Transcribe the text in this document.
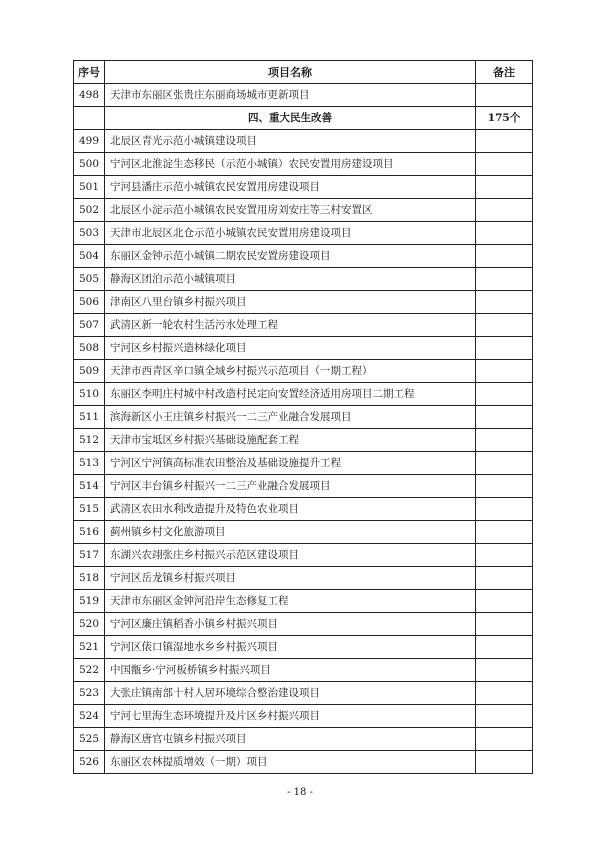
序号	项目名称	备注
498	天津市东丽区张贵庄东丽商场城市更新项目	
	四、重大民生改善	175个
499	北辰区青光示范小城镇建设项目	
500	宁河区北淮淀生态移民（示范小城镇）农民安置用房建设项目	
501	宁河县潘庄示范小城镇农民安置用房建设项目	
502	北辰区小淀示范小城镇农民安置用房刘安庄等三村安置区	
503	天津市北辰区北仓示范小城镇农民安置用房建设项目	
504	东丽区金钟示范小城镇二期农民安置房建设项目	
505	静海区团泊示范小城镇项目	
506	津南区八里台镇乡村振兴项目	
507	武清区新一轮农村生活污水处理工程	
508	宁河区乡村振兴造林绿化项目	
509	天津市西青区辛口镇全域乡村振兴示范项目（一期工程）	
510	东丽区李明庄村城中村改造村民定向安置经济适用房项目二期工程	
511	滨海新区小王庄镇乡村振兴一二三产业融合发展项目	
512	天津市宝坻区乡村振兴基础设施配套工程	
513	宁河区宁河镇高标准农田整治及基础设施提升工程	
514	宁河区丰台镇乡村振兴一二三产业融合发展项目	
515	武清区农田水利改造提升及特色农业项目	
516	蓟州镇乡村文化旅游项目	
517	东湖兴农翊张庄乡村振兴示范区建设项目	
518	宁河区岳龙镇乡村振兴项目	
519	天津市东丽区金钟河沿岸生态修复工程	
520	宁河区廉庄镇稻香小镇乡村振兴项目	
521	宁河区俵口镇湿地水乡乡村振兴项目	
522	中国甑乡·宁河板桥镇乡村振兴项目	
523	大张庄镇南部十村人居环境综合整治建设项目	
524	宁河七里海生态环境提升及片区乡村振兴项目	
525	静海区唐官屯镇乡村振兴项目	
526	东丽区农林提质增效（一期）项目	
- 18 -
